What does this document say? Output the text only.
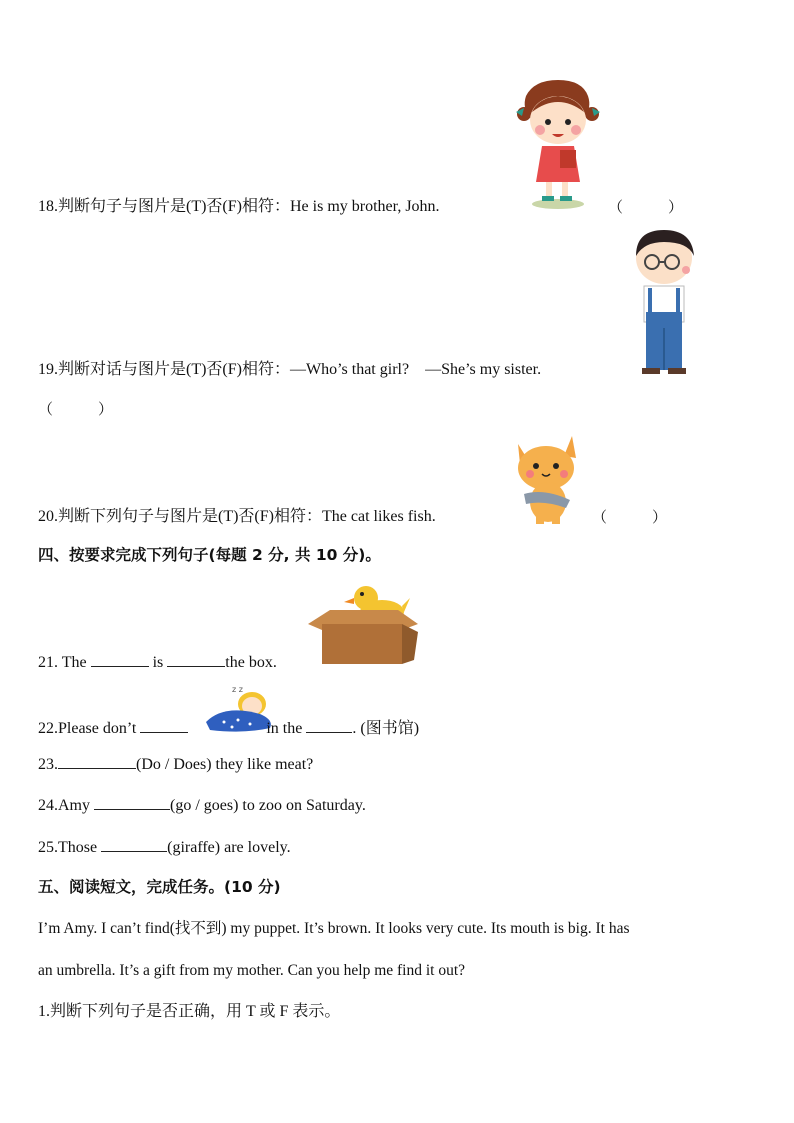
18.判断句子与图片是(T)否(F)相符：He is my brother, John.	（　　　）
19.判断对话与图片是(T)否(F)相符：—Who’s that girl?　—She’s my sister.
（　　　）
20.判断下列句子与图片是(T)否(F)相符：The cat likes fish.	（　　　）
四、按要求完成下列句子(每题 2 分, 共 10 分)。
21. The	is	the box.
z z
22.Please don’t	in the	. (图书馆)
23.	(Do / Does) they like meat?
24.Amy	(go / goes) to zoo on Saturday.
25.Those	(giraffe) are lovely.
五、阅读短文，完成任务。(10 分)
I’m Amy. I can’t find(找不到) my puppet. It’s brown. It looks very cute. Its mouth is big. It has
an umbrella. It’s a gift from my mother. Can you help me find it out?
1.判断下列句子是否正确，用 T 或 F 表示。
